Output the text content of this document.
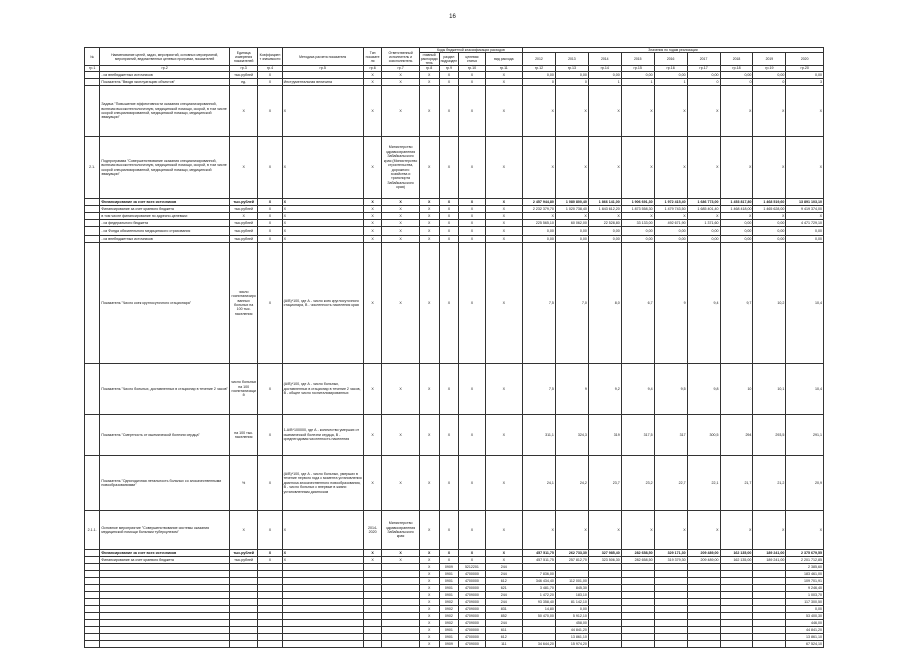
16
№	Наименование целей, задач, мероприятий, основных мероприятий, мероприятий, ведомственных целевых программ, показателей	Единица измерения показателей	Коэффициент значимости	Методика расчета показателя	Тип показателя	Ответственный исполнитель и соисполнитель	Коды бюджетной классификации расходов				Значения по годам реализации								
							главный распорядитель	раздел подраздел	целевая статья	вид расхода	2012	2013	2014	2015	2016	2017	2018	2019	2020

гр.1	гр.2	гр.3	гр.4	гр.5	гр.6	гр.7	гр.8	гр.9	гр.10	гр.11	гр.12	гр.13	гр.14	гр.15	гр.16	гр.17	гр.18	гр.19	гр.20
	- из внебюджетных источников	тыс.рублей	Х		Х	Х	Х	Х	Х	Х	0,00	0,00	0,00	0,00	0,00	0,00	0,00	0,00	0,00
	Показатель "Вводв эксплуатацию объектов"	ед.	Х	Инструментальная величина	Х	Х	Х	Х	Х	Х	0	0	1	1	1	0	0	0	3
	Задача "Повышение эффективности оказания специализированной, включая высокотехнологичную, медицинской помощи, скорой, в том числе скорой специализированной, медицинской помощи, медицинской эвакуации"	Х	Х	Х	Х	Х	Х	Х	Х	Х	Х	Х	Х	Х	Х	Х	Х	Х	Х
2.1.	Подпрограмма "Совершенствование оказания специализированной, включая высокотехнологичную, медицинской помощи, скорой, в том числе скорой специализированной, медицинской помощи, медицинской эвакуации"	Х	Х	Х	Х	Министерство здравоохранения Забайкальского края (Министерство строительства, дорожного хозяйства и транспорта Забайкальского края)	Х	Х	Х	Х	Х	Х	Х	Х	Х	Х	Х	Х	Х
	Финансирование за счет всех источников	тыс.рублей	Х	Х	Х	Х	Х	Х	Х	Х	2 457 944,80	1 080 800,40	1 866 141,00	1 906 691,30	1 972 415,40	1 686 773,00	1 453 817,80	1 468 519,60	13 891 103,10
	Финансирование за счет краевого бюджета	тыс.рублей	Х	Х	Х	Х	Х	Х	Х	Х	2 232 379,70	1 020 738,40	1 843 612,20	1 873 558,30	1 479 743,50	1 685 401,40	1 468 418,00	1 465 628,00	9 419 374,00
	в том числе финансирование по адресно-целевым:	Х	Х	Х	Х	Х	Х	Х	Х	Х	Х	Х	Х	Х	Х	Х	Х	Х	Х
	- из федерального бюджета	тыс.рублей	Х	Х	Х	Х	Х	Х	Х	Х	225 565,10	60 062,00	22 528,80	33 133,00	492 671,90	1 371,60	0,00	0,00	4 471 729,10
	- из Фонда обязательного медицинского страхования	тыс.рублей	Х	Х	Х	Х	Х	Х	Х	Х	0,00	0,00	0,00	0,00	0,00	0,00	0,00	0,00	0,00
	- из внебюджетных источников	тыс.рублей	Х	Х	Х	Х	Х	Х	Х	Х	0,00	0,00	0,00	0,00	0,00	0,00	0,00	0,00	0,00
	Показатель "Число коек круглосуточного стационара"	число госпитализированных больных на 100 тыс. населения	Х	(А/В)*100, где А - число коек круглосуточного стационара, В - численность населения края	Х	Х	Х	Х	Х	Х	7,5	7,0	8,0	6,7	9	9,4	9,7	10,2	10,4
	Показатель "Число больных, доставленных в стационар в течение 2 часов"	число больных на 100 госпитализаций	Х	(А/В)*100, где А - число больных, доставленных в стационар в течение 2 часов, В - общее число госпитализированных	Х	Х	Х	Х	Х	Х	7,5	9	9,2	9,4	9,5	9,8	10	10,1	10,4
	Показатель "Смертность от ишемической болезни сердца"	на 100 тыс. населения	Х	1-А/В*100000, где А - количество умерших от ишемической болезни сердца, В - среднегодовая численность населения	Х	Х	Х	Х	Х	Х	311,1	324,3	319	317,5	317	300,5	294	293,5	291,1
	Показатель "Одногодичная летальность больных со злокачественными новообразованиями"	%	Х	(А/В)*100, где А - число больных, умерших в течение первого года с момента установления диагноза злокачественного новообразования, В - число больных с впервые в жизни установленным диагнозом	Х	Х	Х	Х	Х	Х	24,1	24,2	23,7	23,2	22,7	22,1	21,7	21,2	20,9
2.1.1.	Основное мероприятие "Совершенствование системы оказания медицинской помощи больным туберкулезом"	Х	Х	Х	2014-2020	Министерство здравоохранения Забайкальского края	Х	Х	Х	Х	Х	Х	Х	Х	Х	Х	Х	Х	Х
	Финансирование за счет всех источников	тыс.рублей	Х	Х	Х	Х	Х	Х	Х	Х	457 511,75	262 733,30	327 985,40	282 658,50	329 171,30	209 489,00	162 135,00	189 241,00	2 375 679,55
	Финансирование за счет краевого бюджета	тыс.рублей	Х	Х	Х	Х	Х	Х	Х	Х	457 511,75	257 812,70	323 506,30	282 658,50	319 379,30	209 489,00	162 135,00	189 241,00	2 201 712,85
							Х	0909	5212201	244									2 385,60
							Х	0901	4700000	244	7 836,00								183 461,00
							Х	0901	4700000	612	346 434,40	112 001,00							109 701,91
							Х	0901	4700000	621	3 481,70	845,30							9 246,40
							Х	0901	4709000	244	1 472,20	183,10							1 003,70
							Х	0902	4709000	244	93 358,40	81 142,10							117 300,50
							Х	0902	4709000	831	14,80	0,00							0,00
							Х	0902	4709000	852	50 470,00	5 912,10							53 400,30
							Х	0902	4709000	244		458,00							446,00
							Х	0901	4700000	611		44 841,20							44 841,20
							Х	0901	4700000	612		13 861,10							13 861,10
							Х	0909	4709000	111	34 644,20	15 974,20							67 524,10
